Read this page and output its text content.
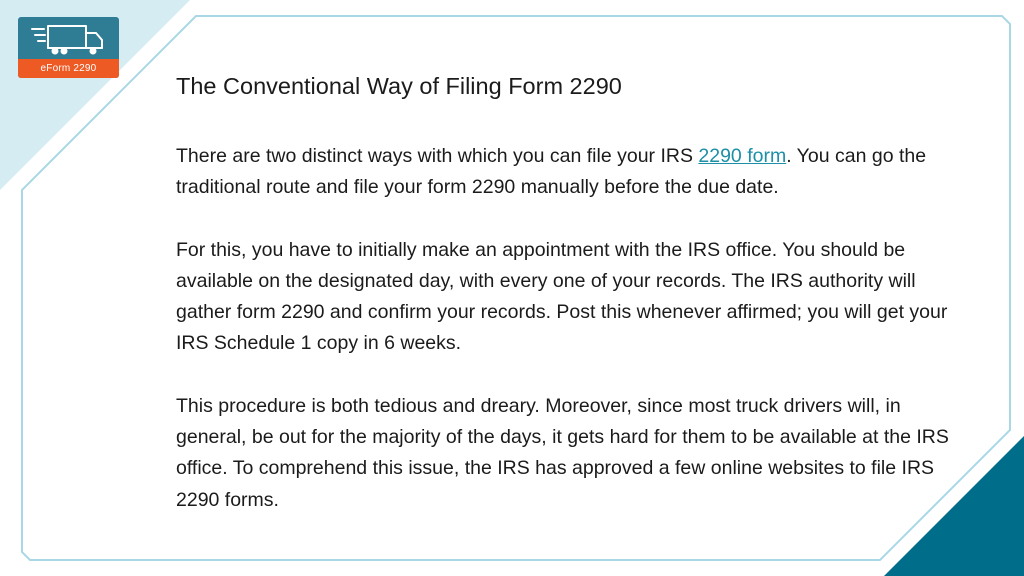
eForm 2290
The Conventional Way of Filing Form 2290

There are two distinct ways with which you can file your IRS 2290 form. You can go the traditional route and file your form 2290 manually before the due date.

For this, you have to initially make an appointment with the IRS office. You should be available on the designated day, with every one of your records. The IRS authority will gather form 2290 and confirm your records. Post this whenever affirmed; you will get your IRS Schedule 1 copy in 6 weeks.

This procedure is both tedious and dreary. Moreover, since most truck drivers will, in general, be out for the majority of the days, it gets hard for them to be available at the IRS office. To comprehend this issue, the IRS has approved a few online websites to file IRS 2290 forms.
